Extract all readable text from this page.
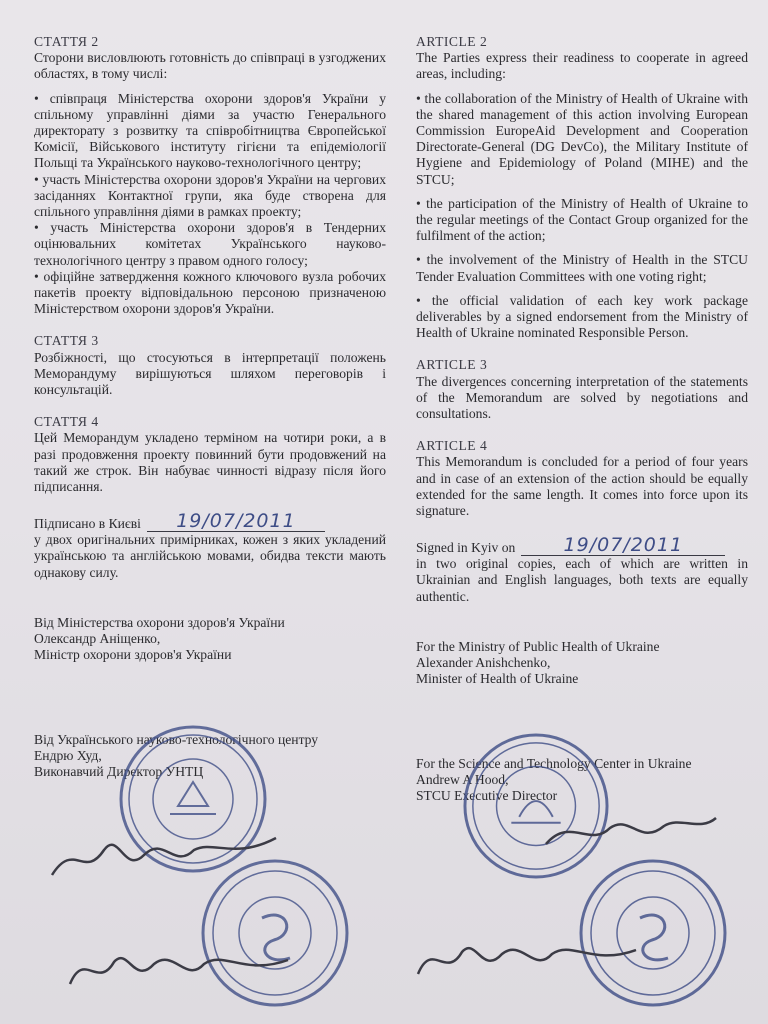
СТАТТЯ 2
Сторони висловлюють готовність до співпраці в узгоджених областях, в тому числі:
• співпраця Міністерства охорони здоров'я України у спільному управлінні діями за участю Генерального директорату з розвитку та співробітництва Європейської Комісії, Військового інституту гігієни та епідеміології Польщі та Українського науково-технологічного центру;
• участь Міністерства охорони здоров'я України на чергових засіданнях Контактної групи, яка буде створена для спільного управління діями в рамках проекту;
• участь Міністерства охорони здоров'я в Тендерних оцінювальних комітетах Українського науково-технологічного центру з правом одного голосу;
• офіційне затвердження кожного ключового вузла робочих пакетів проекту відповідальною персоною призначеною Міністерством охорони здоров'я України.
СТАТТЯ 3
Розбіжності, що стосуються в інтерпретації положень Меморандуму вирішуються шляхом переговорів і консультацій.
СТАТТЯ 4
Цей Меморандум укладено терміном на чотири роки, а в разі продовження проекту повинний бути продовжений на такий же строк. Він набуває чинності відразу після його підписання.
Підписано в Києві	19/07/2011
у двох оригінальних примірниках, кожен з яких укладений українською та англійською мовами, обидва тексти мають однакову силу.
Від Міністерства охорони здоров'я України
Олександр Аніщенко,
Міністр охорони здоров'я України
Від Українського науково-технологічного центру
Ендрю Худ,
Виконавчий Директор УНТЦ
ARTICLE 2
The Parties express their readiness to cooperate in agreed areas, including:
• the collaboration of the Ministry of Health of Ukraine with the shared management of this action involving European Commission EuropeAid Development and Cooperation Directorate-General (DG DevCo), the Military Institute of Hygiene and Epidemiology of Poland (MIHE) and the STCU;
• the participation of the Ministry of Health of Ukraine to the regular meetings of the Contact Group organized for the fulfilment of the action;
• the involvement of the Ministry of Health in the STCU Tender Evaluation Committees with one voting right;
• the official validation of each key work package deliverables by a signed endorsement from the Ministry of Health of Ukraine nominated Responsible Person.
ARTICLE 3
The divergences concerning interpretation of the statements of the Memorandum are solved by negotiations and consultations.
ARTICLE 4
This Memorandum is concluded for a period of four years and in case of an extension of the action should be equally extended for the same length. It comes into force upon its signature.
Signed in Kyiv on	19/07/2011
in two original copies, each of which are written in Ukrainian and English languages, both texts are equally authentic.
For the Ministry of Public Health of Ukraine
Alexander Anishchenko,
Minister of Health of Ukraine
For the Science and Technology Center in Ukraine
Andrew A Hood,
STCU Executive Director
